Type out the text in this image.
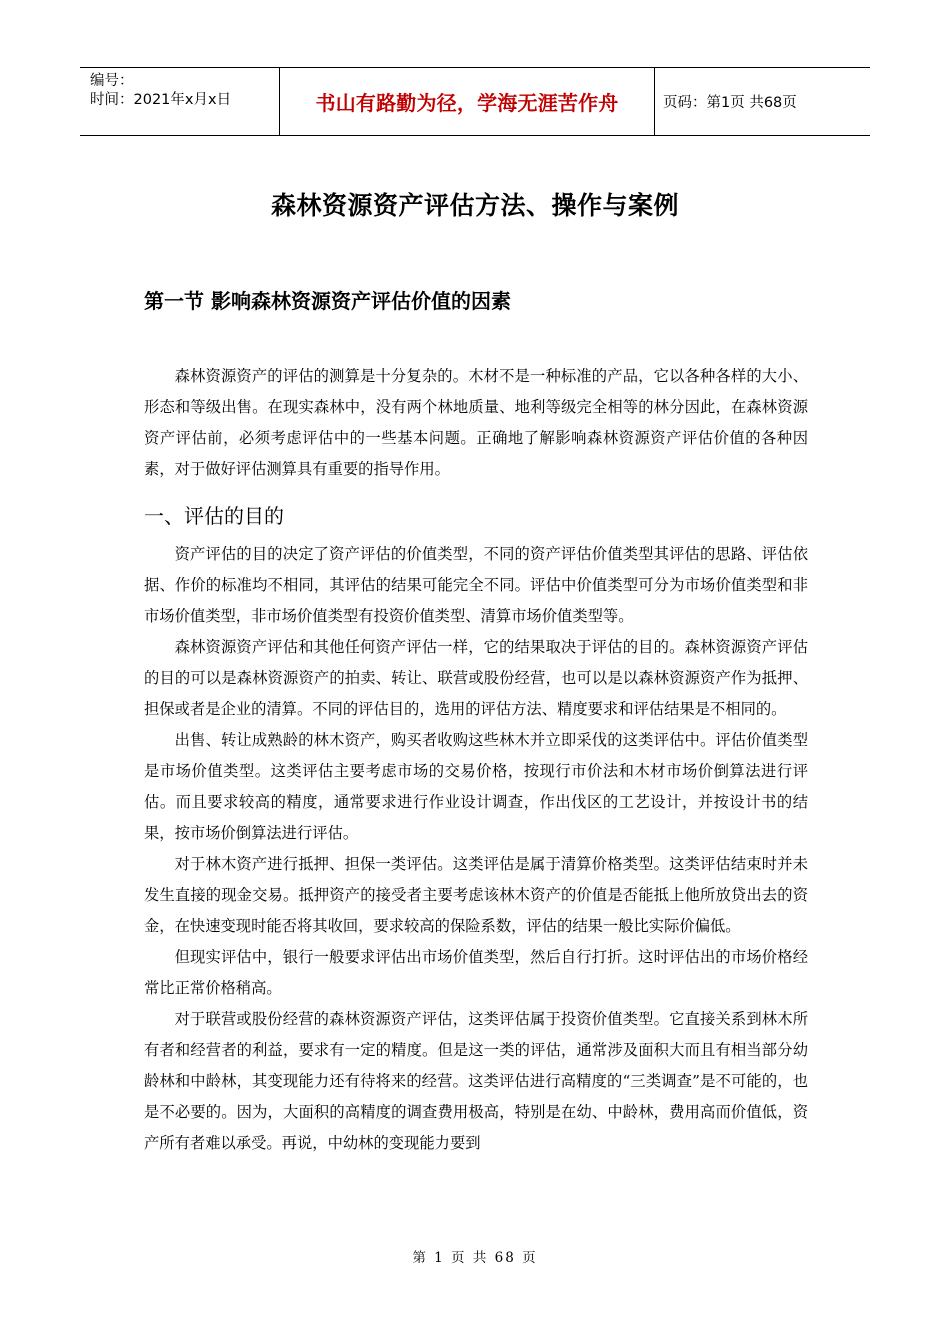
编号：
时间：2021年x月x日	书山有路勤为径，学海无涯苦作舟	页码：第1页 共68页
森林资源资产评估方法、操作与案例
第一节 影响森林资源资产评估价值的因素

森林资源资产的评估的测算是十分复杂的。木材不是一种标准的产品，它以各种各样的大小、形态和等级出售。在现实森林中，没有两个林地质量、地利等级完全相等的林分因此，在森林资源资产评估前，必须考虑评估中的一些基本问题。正确地了解影响森林资源资产评估价值的各种因素，对于做好评估测算具有重要的指导作用。

一、评估的目的

资产评估的目的决定了资产评估的价值类型，不同的资产评估价值类型其评估的思路、评估依据、作价的标准均不相同，其评估的结果可能完全不同。评估中价值类型可分为市场价值类型和非市场价值类型，非市场价值类型有投资价值类型、清算市场价值类型等。

森林资源资产评估和其他任何资产评估一样，它的结果取决于评估的目的。森林资源资产评估的目的可以是森林资源资产的拍卖、转让、联营或股份经营，也可以是以森林资源资产作为抵押、担保或者是企业的清算。不同的评估目的，选用的评估方法、精度要求和评估结果是不相同的。

出售、转让成熟龄的林木资产，购买者收购这些林木并立即采伐的这类评估中。评估价值类型是市场价值类型。这类评估主要考虑市场的交易价格，按现行市价法和木材市场价倒算法进行评估。而且要求较高的精度，通常要求进行作业设计调查，作出伐区的工艺设计，并按设计书的结果，按市场价倒算法进行评估。

对于林木资产进行抵押、担保一类评估。这类评估是属于清算价格类型。这类评估结束时并未发生直接的现金交易。抵押资产的接受者主要考虑该林木资产的价值是否能抵上他所放贷出去的资金，在快速变现时能否将其收回，要求较高的保险系数，评估的结果一般比实际价偏低。

但现实评估中，银行一般要求评估出市场价值类型，然后自行打折。这时评估出的市场价格经常比正常价格稍高。

对于联营或股份经营的森林资源资产评估，这类评估属于投资价值类型。它直接关系到林木所有者和经营者的利益，要求有一定的精度。但是这一类的评估，通常涉及面积大而且有相当部分幼龄林和中龄林，其变现能力还有待将来的经营。这类评估进行高精度的“三类调查”是不可能的，也是不必要的。因为，大面积的高精度的调查费用极高，特别是在幼、中龄林，费用高而价值低，资产所有者难以承受。再说，中幼林的变现能力要到

第 1 页 共 68 页
